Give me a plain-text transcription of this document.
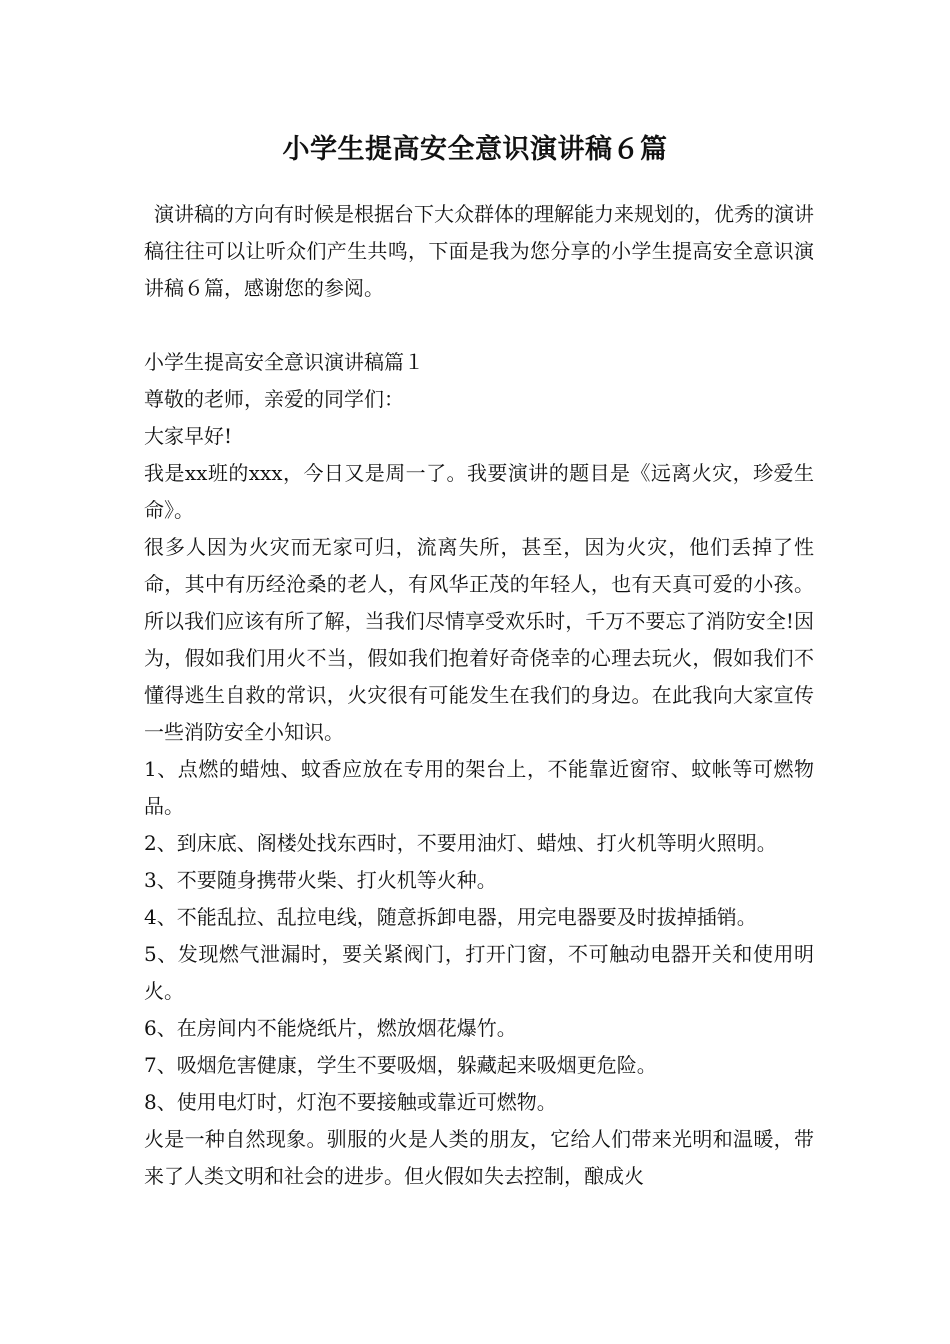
小学生提高安全意识演讲稿６篇

演讲稿的方向有时候是根据台下大众群体的理解能力来规划的，优秀的演讲稿往往可以让听众们产生共鸣，下面是我为您分享的小学生提高安全意识演讲稿６篇，感谢您的参阅。

小学生提高安全意识演讲稿篇１

尊敬的老师，亲爱的同学们：

大家早好!

我是xx班的xxx，今日又是周一了。我要演讲的题目是《远离火灾，珍爱生命》。

很多人因为火灾而无家可归，流离失所，甚至，因为火灾，他们丢掉了性命，其中有历经沧桑的老人，有风华正茂的年轻人，也有天真可爱的小孩。所以我们应该有所了解，当我们尽情享受欢乐时，千万不要忘了消防安全!因为，假如我们用火不当，假如我们抱着好奇侥幸的心理去玩火，假如我们不懂得逃生自救的常识，火灾很有可能发生在我们的身边。在此我向大家宣传一些消防安全小知识。

1、点燃的蜡烛、蚊香应放在专用的架台上，不能靠近窗帘、蚊帐等可燃物品。

2、到床底、阁楼处找东西时，不要用油灯、蜡烛、打火机等明火照明。

3、不要随身携带火柴、打火机等火种。

4、不能乱拉、乱拉电线，随意拆卸电器，用完电器要及时拔掉插销。

5、发现燃气泄漏时，要关紧阀门，打开门窗，不可触动电器开关和使用明火。

6、在房间内不能烧纸片，燃放烟花爆竹。

7、吸烟危害健康，学生不要吸烟，躲藏起来吸烟更危险。

8、使用电灯时，灯泡不要接触或靠近可燃物。

火是一种自然现象。驯服的火是人类的朋友，它给人们带来光明和温暖，带来了人类文明和社会的进步。但火假如失去控制，酿成火
